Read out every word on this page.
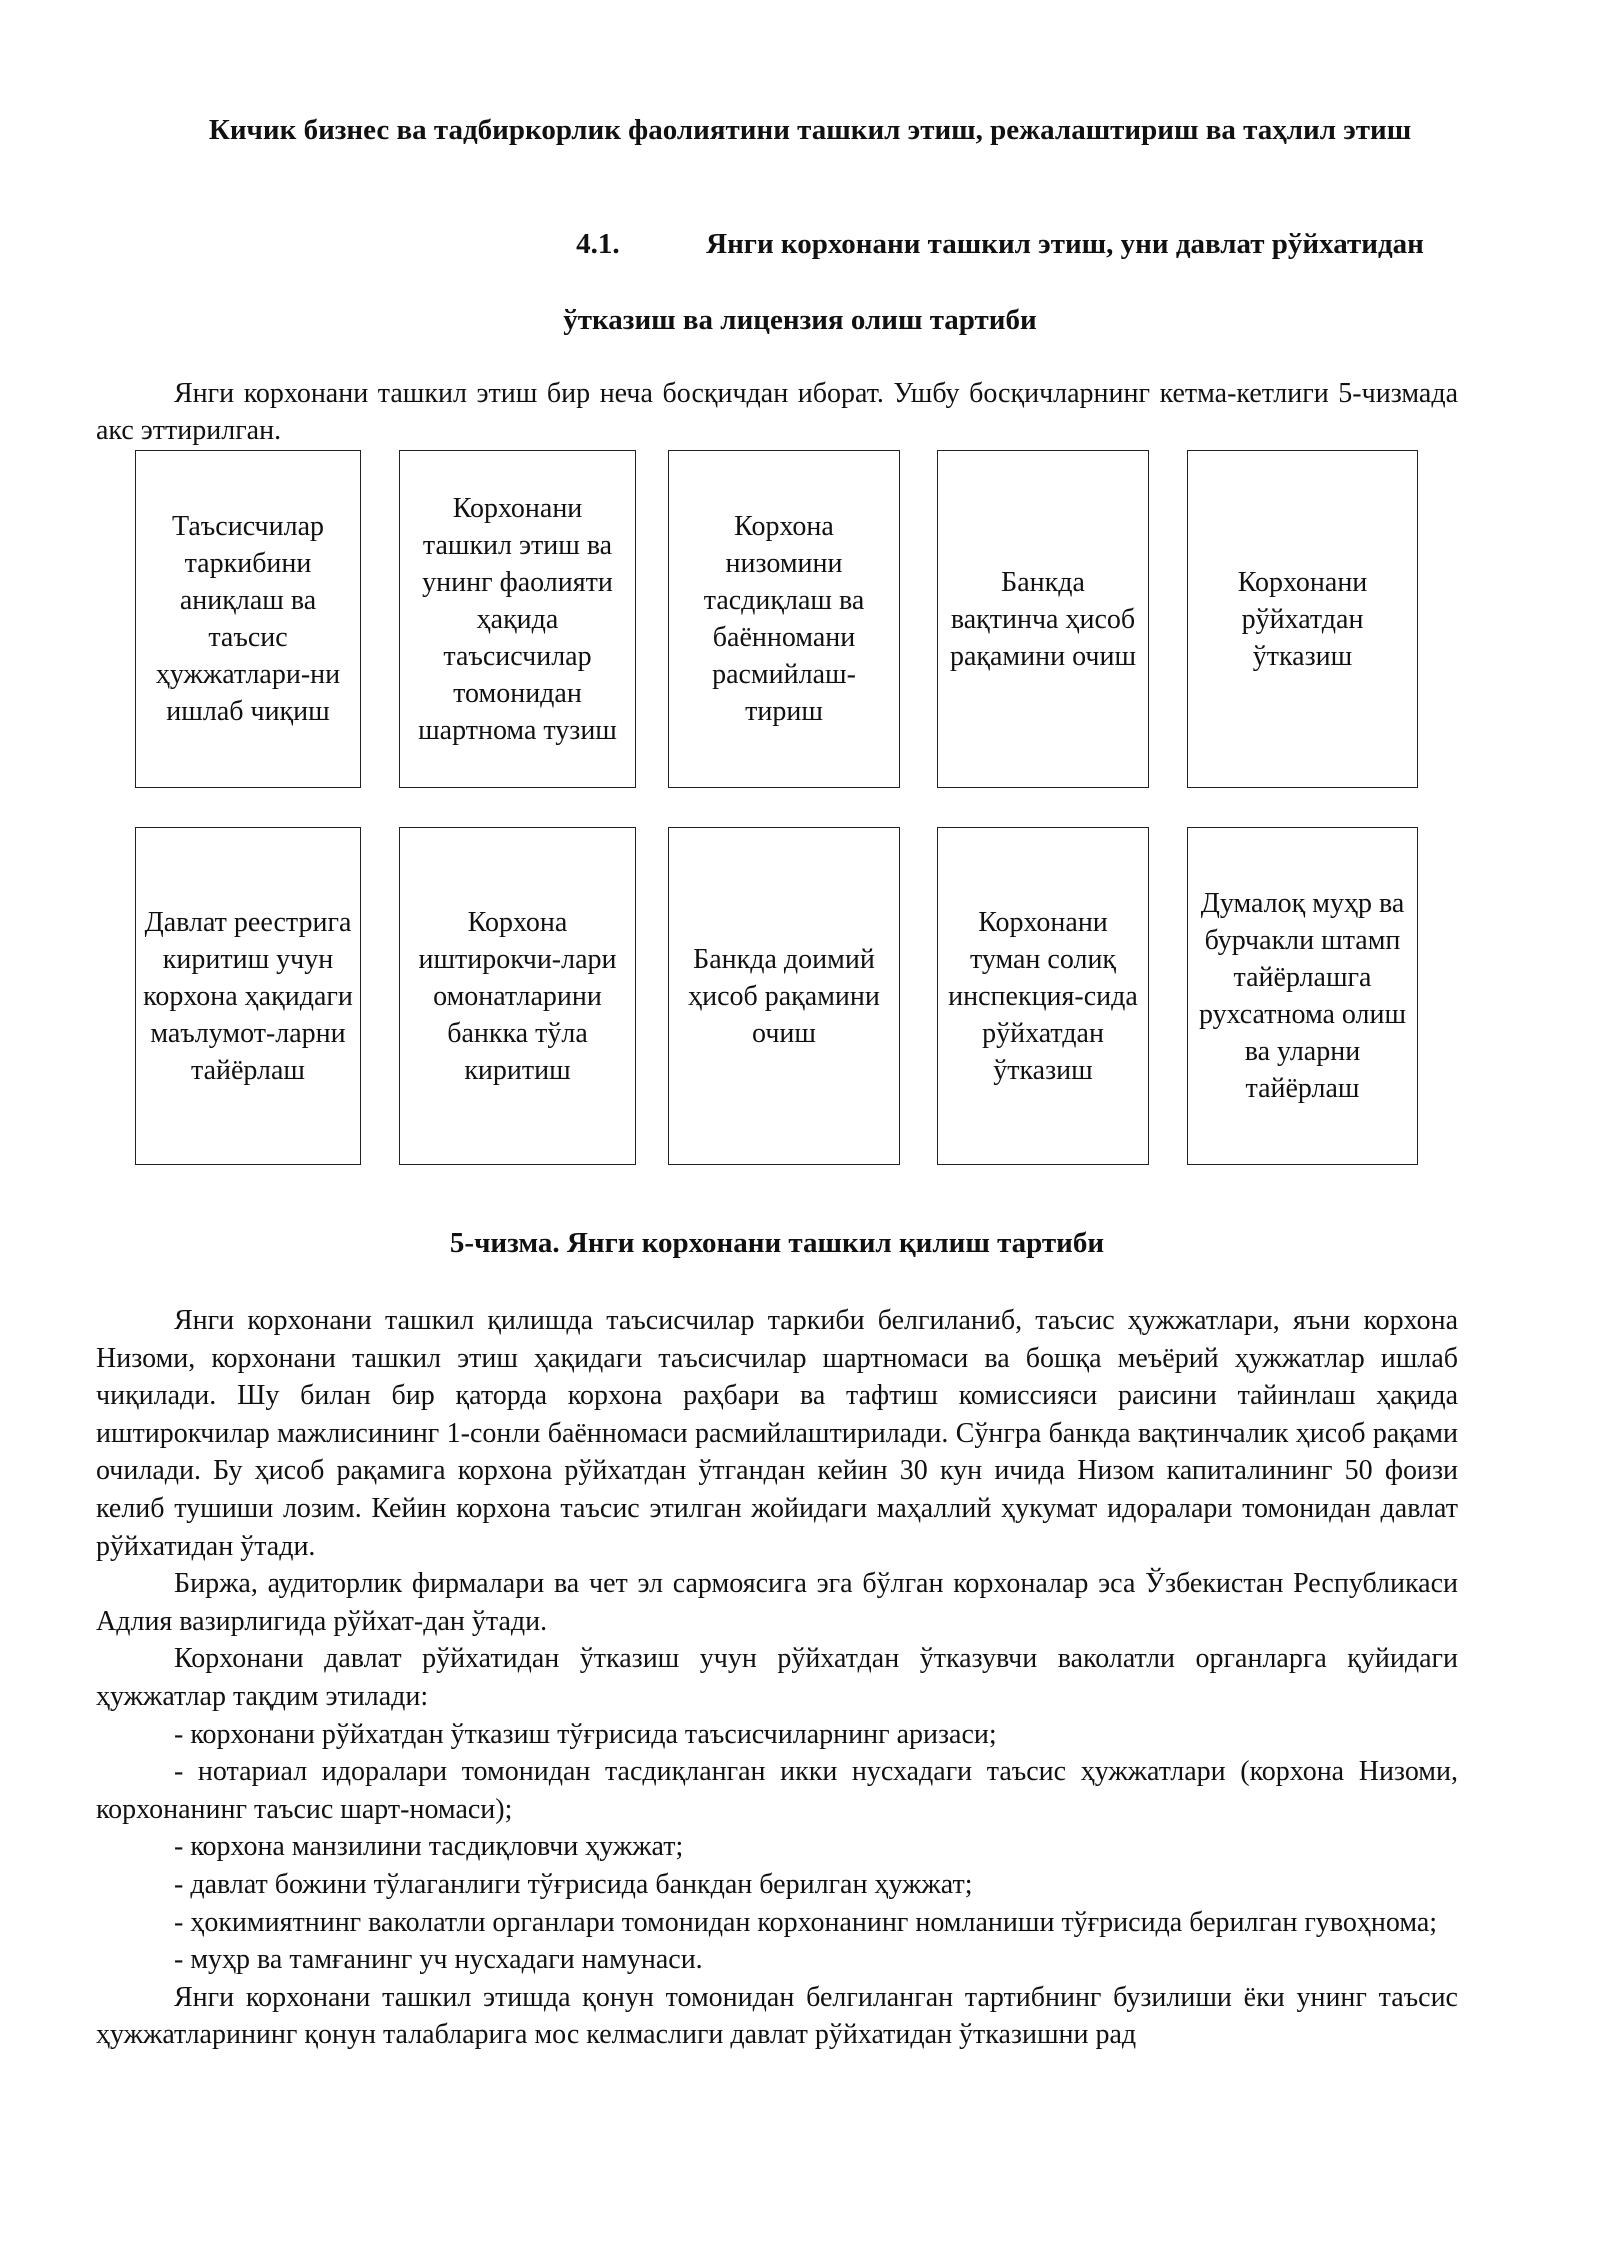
Кичик бизнес ва тадбиркорлик фаолиятини ташкил этиш, режалаштириш ва таҳлил этиш
4.1.	Янги корхонани ташкил этиш, уни давлат рўйхатидан
ўтказиш ва лицензия олиш тартиби
Янги корхонани ташкил этиш бир неча босқичдан иборат. Ушбу босқичларнинг кетма-кетлиги 5-чизмада акс эттирилган.
Таъсисчилар таркибини аниқлаш ва таъсис ҳужжатлари-ни ишлаб чиқиш
Корхонани ташкил этиш ва унинг фаолияти ҳақида таъсисчилар томонидан шартнома тузиш
Корхона низомини тасдиқлаш ва баённомани расмийлаш-тириш
Банкда вақтинча ҳисоб рақамини очиш
Корхонани рўйхатдан ўтказиш
Давлат реестрига киритиш учун корхона ҳақидаги маълумот-ларни тайёрлаш
Корхона иштирокчи-лари омонатларини банкка тўла киритиш
Банкда доимий ҳисоб рақамини очиш
Корхонани туман солиқ инспекция-сида рўйхатдан ўтказиш
Думалоқ муҳр ва бурчакли штамп тайёрлашга рухсатнома олиш ва уларни тайёрлаш
5-чизма. Янги корхонани ташкил қилиш тартиби

Янги корхонани ташкил қилишда таъсисчилар таркиби белгиланиб, таъсис ҳужжатлари, яъни корхона Низоми, корхонани ташкил этиш ҳақидаги таъсисчилар шартномаси ва бошқа меъёрий ҳужжатлар ишлаб чиқилади. Шу билан бир қаторда корхона раҳбари ва тафтиш комиссияси раисини тайинлаш ҳақида иштирокчилар мажлисининг 1-сонли баённомаси расмийлаштирилади. Сўнгра банкда вақтинчалик ҳисоб рақами очилади. Бу ҳисоб рақамига корхона рўйхатдан ўтгандан кейин 30 кун ичида Низом капиталининг 50 фоизи келиб тушиши лозим. Кейин корхона таъсис этилган жойидаги маҳаллий ҳукумат идоралари томонидан давлат рўйхатидан ўтади.

Биржа, аудиторлик фирмалари ва чет эл сармоясига эга бўлган корхоналар эса Ўзбекистан Республикаси Адлия вазирлигида рўйхат-дан ўтади.

Корхонани давлат рўйхатидан ўтказиш учун рўйхатдан ўтказувчи ваколатли органларга қуйидаги ҳужжатлар тақдим этилади:

- корхонани рўйхатдан ўтказиш тўғрисида таъсисчиларнинг аризаси;

- нотариал идоралари томонидан тасдиқланган икки нусхадаги таъсис ҳужжатлари (корхона Низоми, корхонанинг таъсис шарт-номаси);

- корхона манзилини тасдиқловчи ҳужжат;

- давлат божини тўлаганлиги тўғрисида банкдан берилган ҳужжат;

- ҳокимиятнинг ваколатли органлари томонидан корхонанинг номланиши тўғрисида берилган гувоҳнома;

- муҳр ва тамғанинг уч нусхадаги намунаси.

Янги корхонани ташкил этишда қонун томонидан белгиланган тартибнинг бузилиши ёки унинг таъсис ҳужжатларининг қонун талабларига мос келмаслиги давлат рўйхатидан ўтказишни рад
